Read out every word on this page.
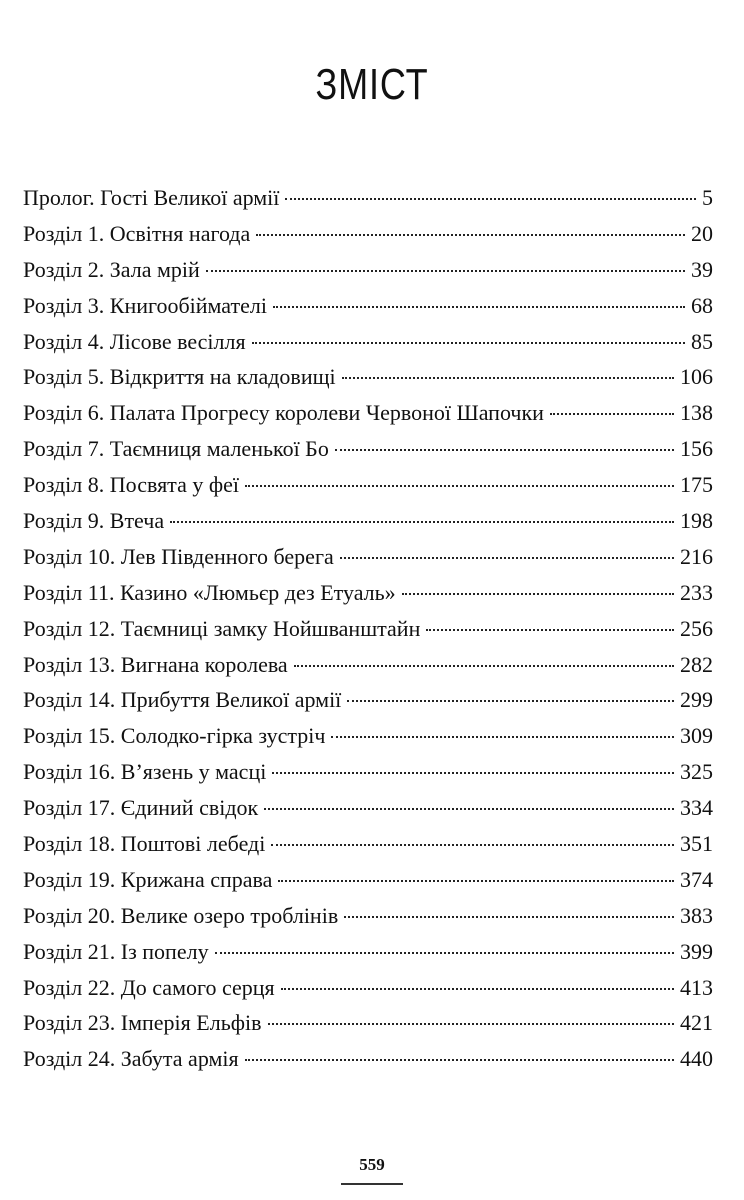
ЗМІСТ
Пролог. Гості Великої армії	5
Розділ 1. Освітня нагода	20
Розділ 2. Зала мрій	39
Розділ 3. Книгообіймателі	68
Розділ 4. Лісове весілля	85
Розділ 5. Відкриття на кладовищі	106
Розділ 6. Палата Прогресу королеви Червоної Шапочки	138
Розділ 7. Таємниця маленької Бо	156
Розділ 8. Посвята у феї	175
Розділ 9. Втеча	198
Розділ 10. Лев Південного берега	216
Розділ 11. Казино «Люмьєр дез Етуаль»	233
Розділ 12. Таємниці замку Нойшванштайн	256
Розділ 13. Вигнана королева	282
Розділ 14. Прибуття Великої армії	299
Розділ 15. Солодко-гірка зустріч	309
Розділ 16. В’язень у масці	325
Розділ 17. Єдиний свідок	334
Розділ 18. Поштові лебеді	351
Розділ 19. Крижана справа	374
Розділ 20. Велике озеро троблінів	383
Розділ 21. Із попелу	399
Розділ 22. До самого серця	413
Розділ 23. Імперія Ельфів	421
Розділ 24. Забута армія	440
559
